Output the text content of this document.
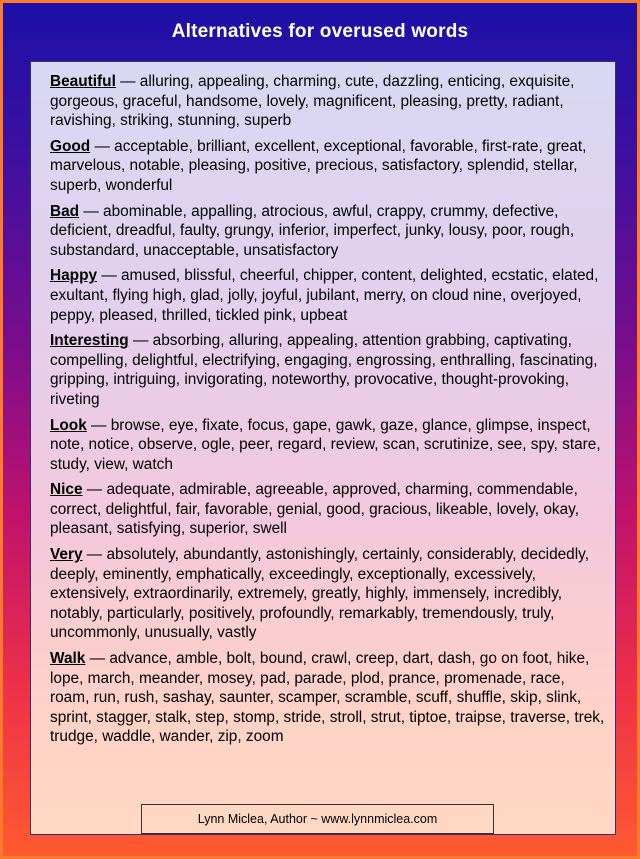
Alternatives for overused words

Beautiful — alluring, appealing, charming, cute, dazzling, enticing, exquisite, gorgeous, graceful, handsome, lovely, magnificent, pleasing, pretty, radiant, ravishing, striking, stunning, superb

Good — acceptable, brilliant, excellent, exceptional, favorable, first-rate, great, marvelous, notable, pleasing, positive, precious, satisfactory, splendid, stellar, superb, wonderful

Bad — abominable, appalling, atrocious, awful, crappy, crummy, defective, deficient, dreadful, faulty, grungy, inferior, imperfect, junky, lousy, poor, rough, substandard, unacceptable, unsatisfactory

Happy — amused, blissful, cheerful, chipper, content, delighted, ecstatic, elated, exultant, flying high, glad, jolly, joyful, jubilant, merry, on cloud nine, overjoyed, peppy, pleased, thrilled, tickled pink, upbeat

Interesting — absorbing, alluring, appealing, attention grabbing, captivating, compelling, delightful, electrifying, engaging, engrossing, enthralling, fascinating, gripping, intriguing, invigorating, noteworthy, provocative, thought-provoking, riveting

Look — browse, eye, fixate, focus, gape, gawk, gaze, glance, glimpse, inspect, note, notice, observe, ogle, peer, regard, review, scan, scrutinize, see, spy, stare, study, view, watch

Nice — adequate, admirable, agreeable, approved, charming, commendable, correct, delightful, fair, favorable, genial, good, gracious, likeable, lovely, okay, pleasant, satisfying, superior, swell

Very — absolutely, abundantly, astonishingly, certainly, considerably, decidedly, deeply, eminently, emphatically, exceedingly, exceptionally, excessively, extensively, extraordinarily, extremely, greatly, highly, immensely, incredibly, notably, particularly, positively, profoundly, remarkably, tremendously, truly, uncommonly, unusually, vastly

Walk — advance, amble, bolt, bound, crawl, creep, dart, dash, go on foot, hike, lope, march, meander, mosey, pad, parade, plod, prance, promenade, race, roam, run, rush, sashay, saunter, scamper, scramble, scuff, shuffle, skip, slink, sprint, stagger, stalk, step, stomp, stride, stroll, strut, tiptoe, traipse, traverse, trek, trudge, waddle, wander, zip, zoom

Lynn Miclea, Author ~ www.lynnmiclea.com
